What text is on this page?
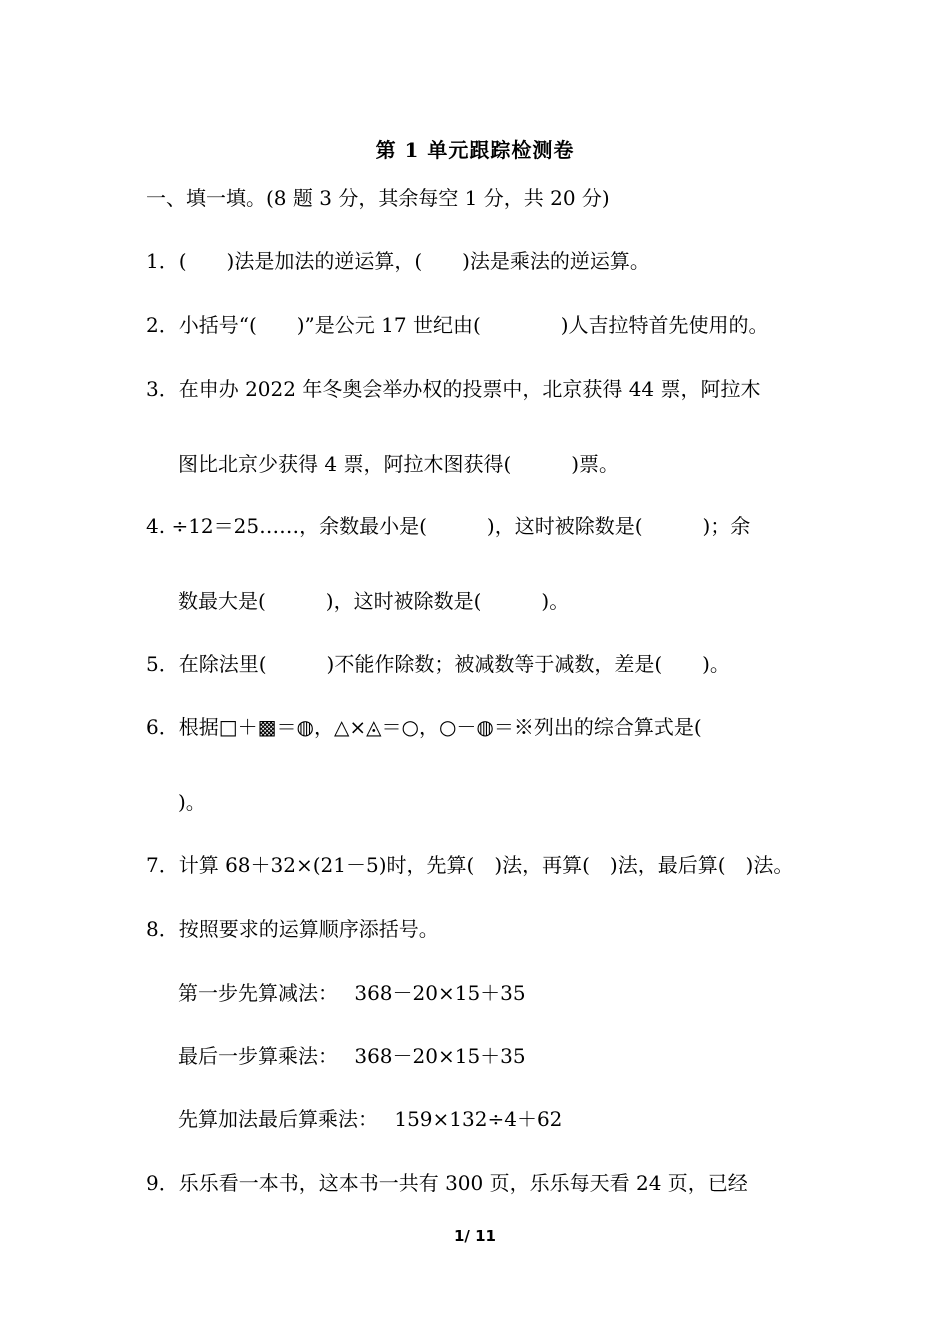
第 1 单元跟踪检测卷
一、填一填。(8 题 3 分，其余每空 1 分，共 20 分)
1．(　　)法是加法的逆运算，(　　)法是乘法的逆运算。
2．小括号“(　　)”是公元 17 世纪由(　　　　)人吉拉特首先使用的。
3．在申办 2022 年冬奥会举办权的投票中，北京获得 44 票，阿拉木
图比北京少获得 4 票，阿拉木图获得(　　　)票。
4. ÷12＝25……，余数最小是(　　　)，这时被除数是(　　　)；余
数最大是(　　　)，这时被除数是(　　　)。
5．在除法里(　　　)不能作除数；被减数等于减数，差是(　　)。
6．根据□＋▩＝◍，△×◬＝○，○－◍＝※列出的综合算式是(
)。
7．计算 68＋32×(21－5)时，先算(　)法，再算(　)法，最后算(　)法。
8．按照要求的运算顺序添括号。
第一步先算减法：　 368－20×15＋35
最后一步算乘法：　 368－20×15＋35
先算加法最后算乘法：　 159×132÷4＋62
9．乐乐看一本书，这本书一共有 300 页，乐乐每天看 24 页，已经
1/ 11
